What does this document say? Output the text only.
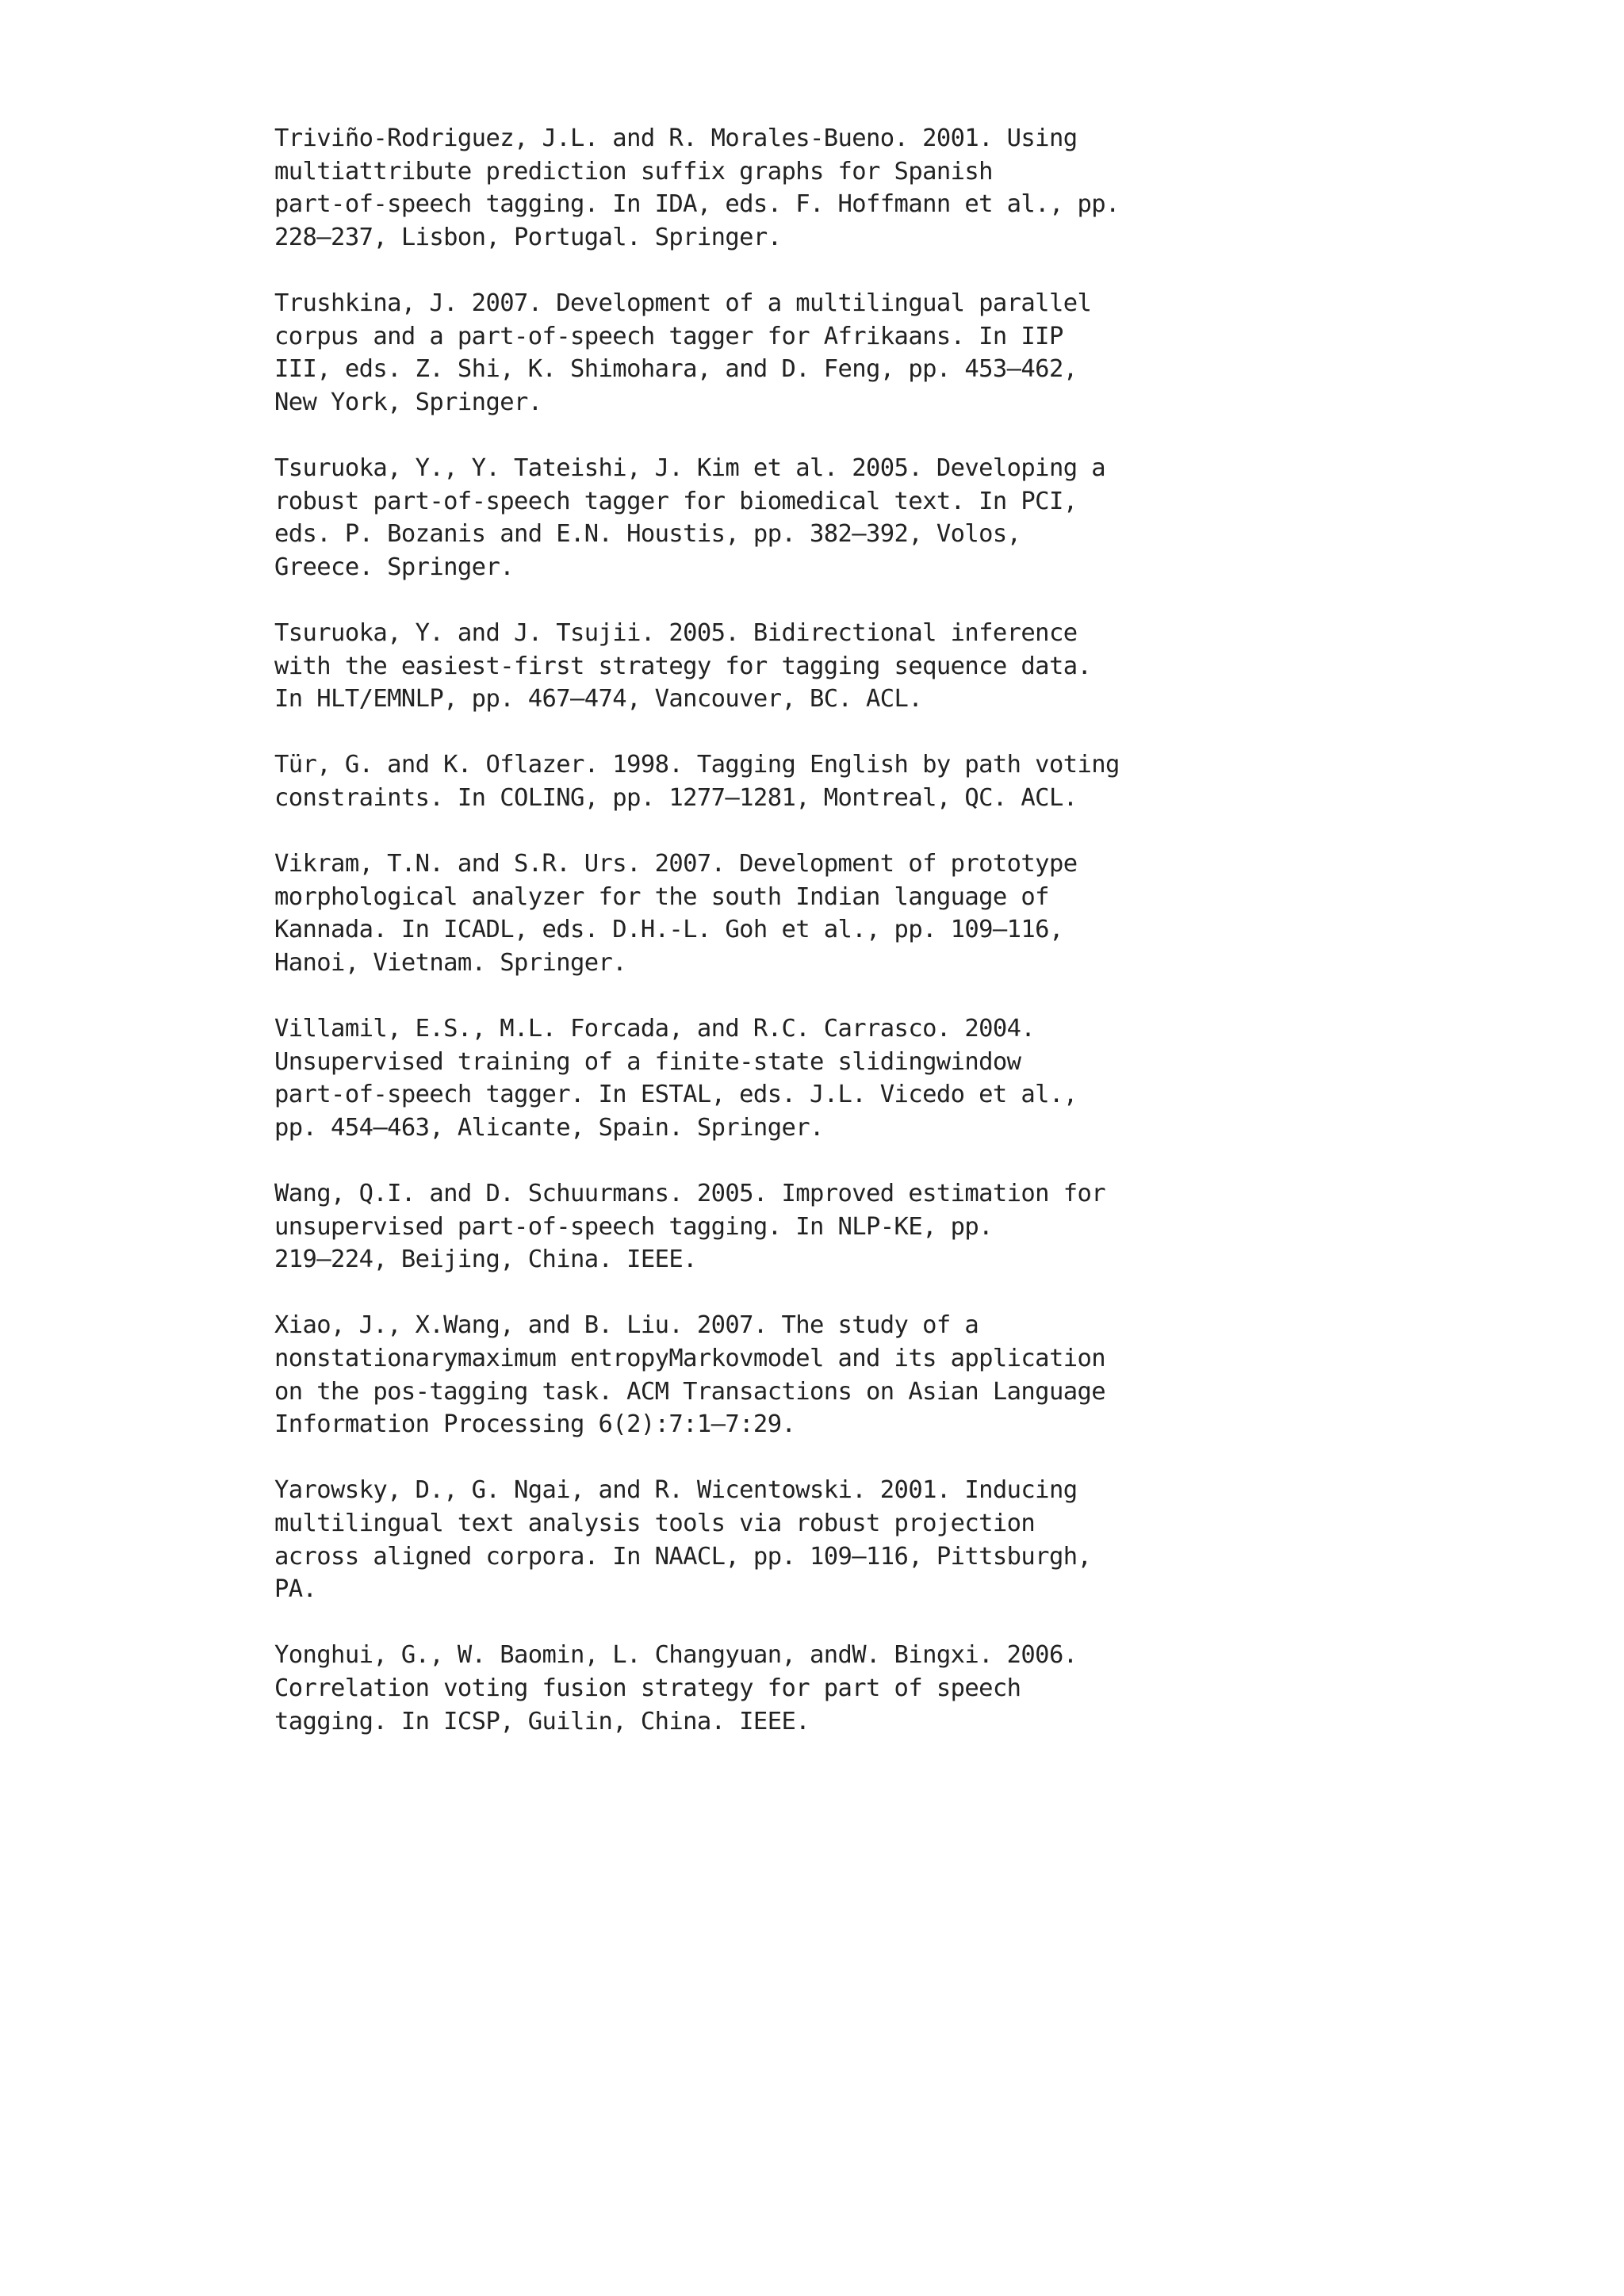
Triviño-Rodriguez, J.L. and R. Morales-Bueno. 2001. Using
multiattribute prediction suffix graphs for Spanish
part-of-speech tagging. In IDA, eds. F. Hoffmann et al., pp.
228–237, Lisbon, Portugal. Springer.

Trushkina, J. 2007. Development of a multilingual parallel
corpus and a part-of-speech tagger for Afrikaans. In IIP
III, eds. Z. Shi, K. Shimohara, and D. Feng, pp. 453–462,
New York, Springer.

Tsuruoka, Y., Y. Tateishi, J. Kim et al. 2005. Developing a
robust part-of-speech tagger for biomedical text. In PCI,
eds. P. Bozanis and E.N. Houstis, pp. 382–392, Volos,
Greece. Springer.

Tsuruoka, Y. and J. Tsujii. 2005. Bidirectional inference
with the easiest-first strategy for tagging sequence data.
In HLT/EMNLP, pp. 467–474, Vancouver, BC. ACL.

Tür, G. and K. Oflazer. 1998. Tagging English by path voting
constraints. In COLING, pp. 1277–1281, Montreal, QC. ACL.

Vikram, T.N. and S.R. Urs. 2007. Development of prototype
morphological analyzer for the south Indian language of
Kannada. In ICADL, eds. D.H.-L. Goh et al., pp. 109–116,
Hanoi, Vietnam. Springer.

Villamil, E.S., M.L. Forcada, and R.C. Carrasco. 2004.
Unsupervised training of a finite-state slidingwindow
part-of-speech tagger. In ESTAL, eds. J.L. Vicedo et al.,
pp. 454–463, Alicante, Spain. Springer.

Wang, Q.I. and D. Schuurmans. 2005. Improved estimation for
unsupervised part-of-speech tagging. In NLP-KE, pp.
219–224, Beijing, China. IEEE.

Xiao, J., X.Wang, and B. Liu. 2007. The study of a
nonstationarymaximum entropyMarkovmodel and its application
on the pos-tagging task. ACM Transactions on Asian Language
Information Processing 6(2):7:1–7:29.

Yarowsky, D., G. Ngai, and R. Wicentowski. 2001. Inducing
multilingual text analysis tools via robust projection
across aligned corpora. In NAACL, pp. 109–116, Pittsburgh,
PA.

Yonghui, G., W. Baomin, L. Changyuan, andW. Bingxi. 2006.
Correlation voting fusion strategy for part of speech
tagging. In ICSP, Guilin, China. IEEE.
